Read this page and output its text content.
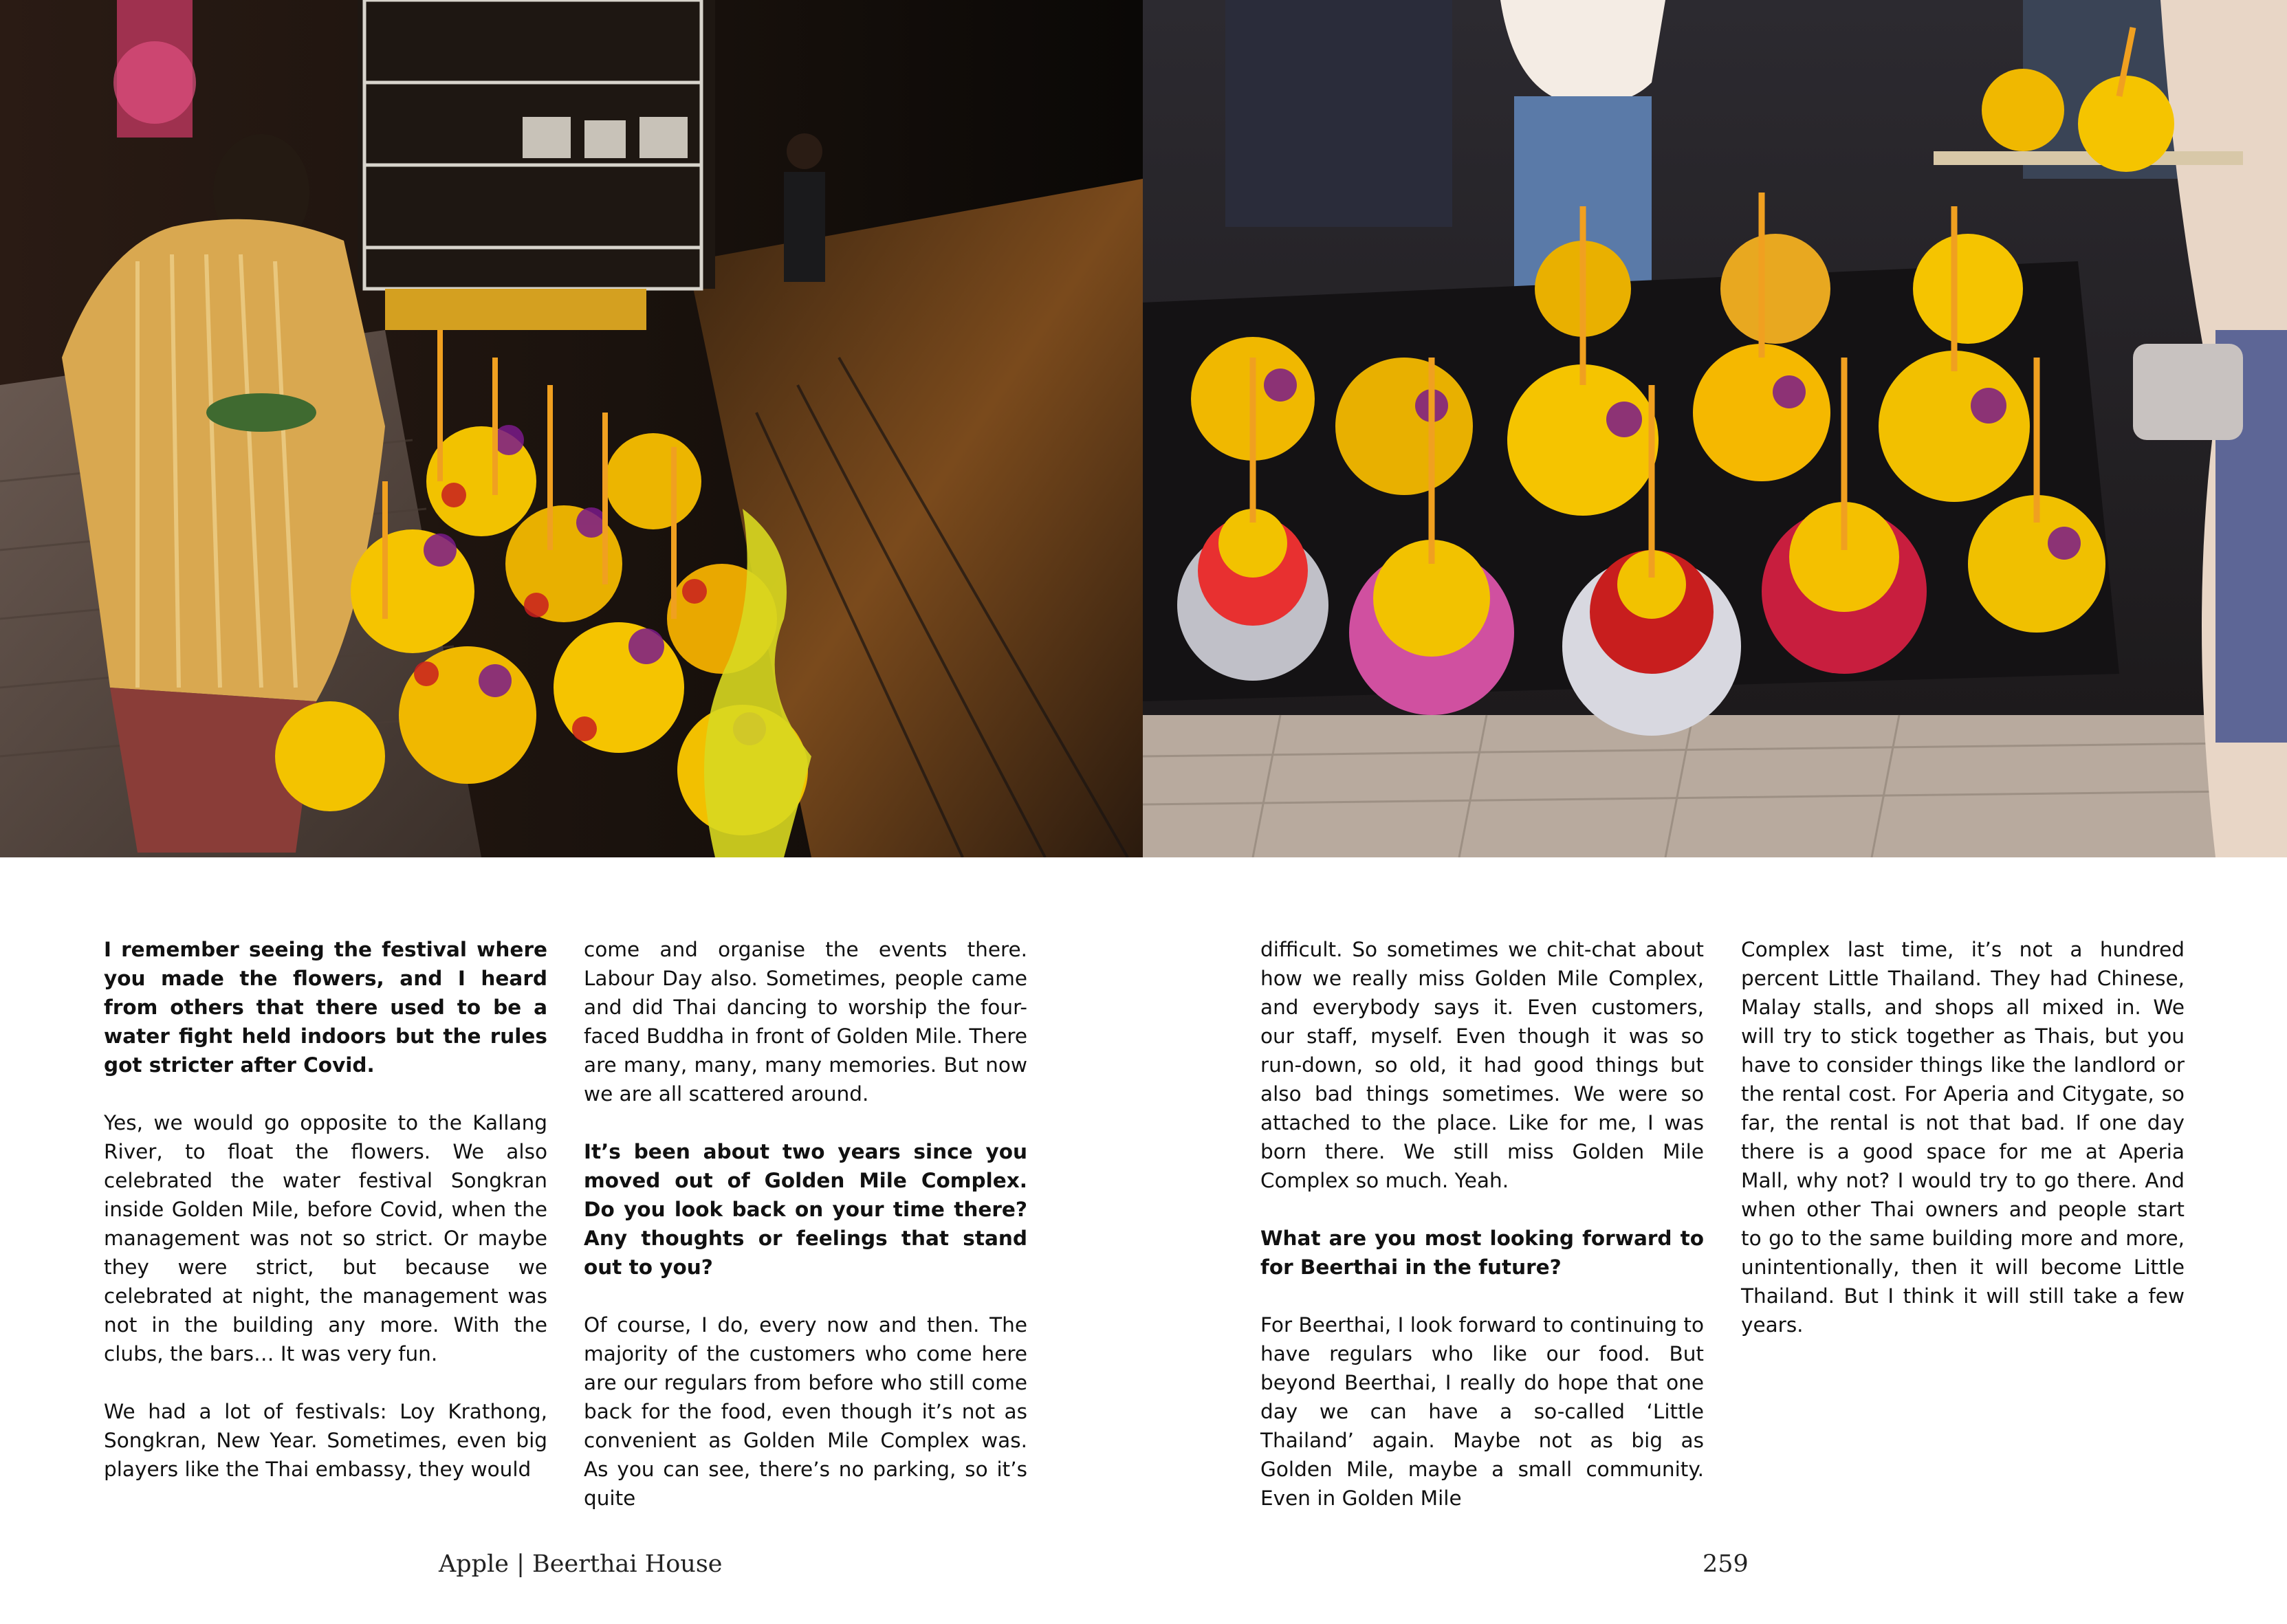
I remember seeing the festival where you made the flowers, and I heard from others that there used to be a water fight held indoors but the rules got stricter after Covid.

Yes, we would go opposite to the Kallang River, to float the flowers. We also celebrated the water festival Songkran inside Golden Mile, before Covid, when the management was not so strict. Or maybe they were strict, but because we celebrated at night, the management was not in the building any more. With the clubs, the bars… It was very fun.

We had a lot of festivals: Loy Krathong, Songkran, New Year. Sometimes, even big players like the Thai embassy, they would

come and organise the events there. Labour Day also. Sometimes, people came and did Thai dancing to worship the four-faced Buddha in front of Golden Mile. There are many, many, many memories. But now we are all scattered around.

It’s been about two years since you moved out of Golden Mile Complex. Do you look back on your time there? Any thoughts or feelings that stand out to you?

Of course, I do, every now and then. The majority of the customers who come here are our regulars from before who still come back for the food, even though it’s not as convenient as Golden Mile Complex was. As you can see, there’s no parking, so it’s quite

difficult. So sometimes we chit-chat about how we really miss Golden Mile Complex, and everybody says it. Even customers, our staff, myself. Even though it was so run-down, so old, it had good things but also bad things sometimes. We were so attached to the place. Like for me, I was born there. We still miss Golden Mile Complex so much. Yeah.

What are you most looking forward to for Beerthai in the future?

For Beerthai, I look forward to continuing to have regulars who like our food. But beyond Beerthai, I really do hope that one day we can have a so-called ‘Little Thailand’ again. Maybe not as big as Golden Mile, maybe a small community. Even in Golden Mile

Complex last time, it’s not a hundred percent Little Thailand. They had Chinese, Malay stalls, and shops all mixed in. We will try to stick together as Thais, but you have to consider things like the landlord or the rental cost. For Aperia and Citygate, so far, the rental is not that bad. If one day there is a good space for me at Aperia Mall, why not? I would try to go there. And when other Thai owners and people start to go to the same building more and more, unintentionally, then it will become Little Thailand. But I think it will still take a few years.

Apple | Beerthai House	259
